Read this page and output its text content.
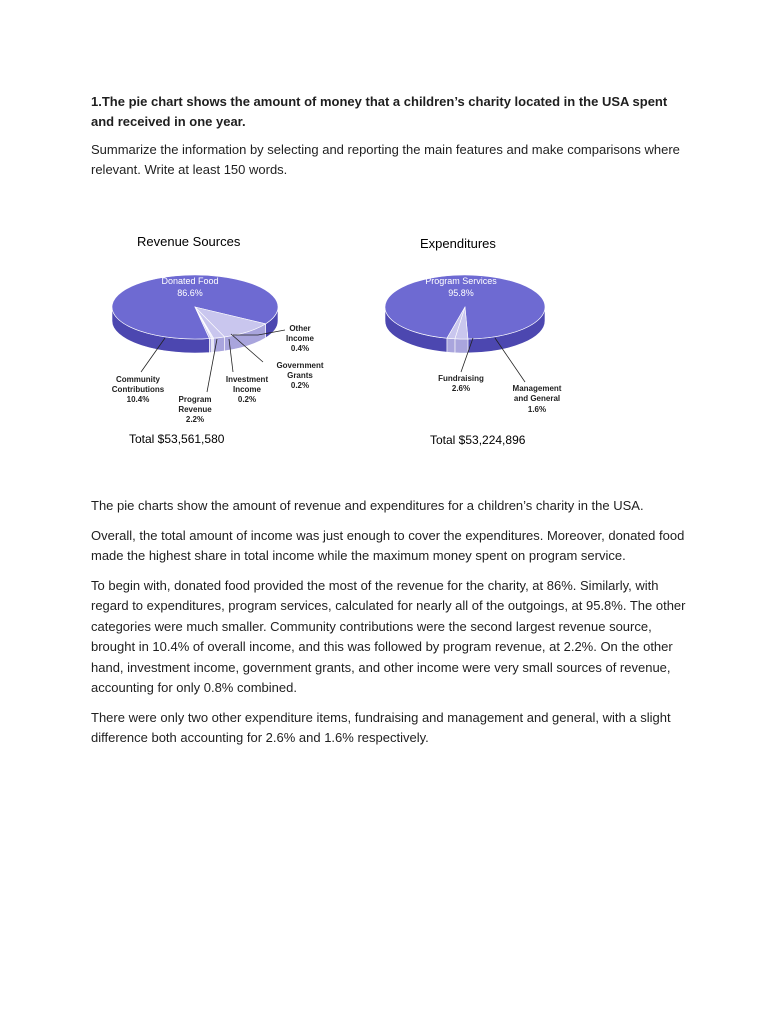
1.The pie chart shows the amount of money that a children’s charity located in the USA spent and received in one year.

Summarize the information by selecting and reporting the main features and make comparisons where relevant. Write at least 150 words.

Revenue Sources
Donated Food
86.6%
Other
Income
0.4%
Government
Grants
0.2%
Community
Contributions
10.4%
Investment
Income
0.2%
Program
Revenue
2.2%
Total $53,561,580
Expenditures
Program Services
95.8%
Fundraising
2.6%	Management
and General
1.6%
Total $53,224,896

The pie charts show the amount of revenue and expenditures for a children’s charity in the USA.

Overall, the total amount of income was just enough to cover the expenditures. Moreover, donated food made the highest share in total income while the maximum money spent on program service.

To begin with, donated food provided the most of the revenue for the charity, at 86%. Similarly, with regard to expenditures, program services, calculated for nearly all of the outgoings, at 95.8%. The other categories were much smaller. Community contributions were the second largest revenue source, brought in 10.4% of overall income, and this was followed by program revenue, at 2.2%. On the other hand, investment income, government grants, and other income were very small sources of revenue, accounting for only 0.8% combined.

There were only two other expenditure items, fundraising and management and general, with a slight difference both accounting for 2.6% and 1.6% respectively.
